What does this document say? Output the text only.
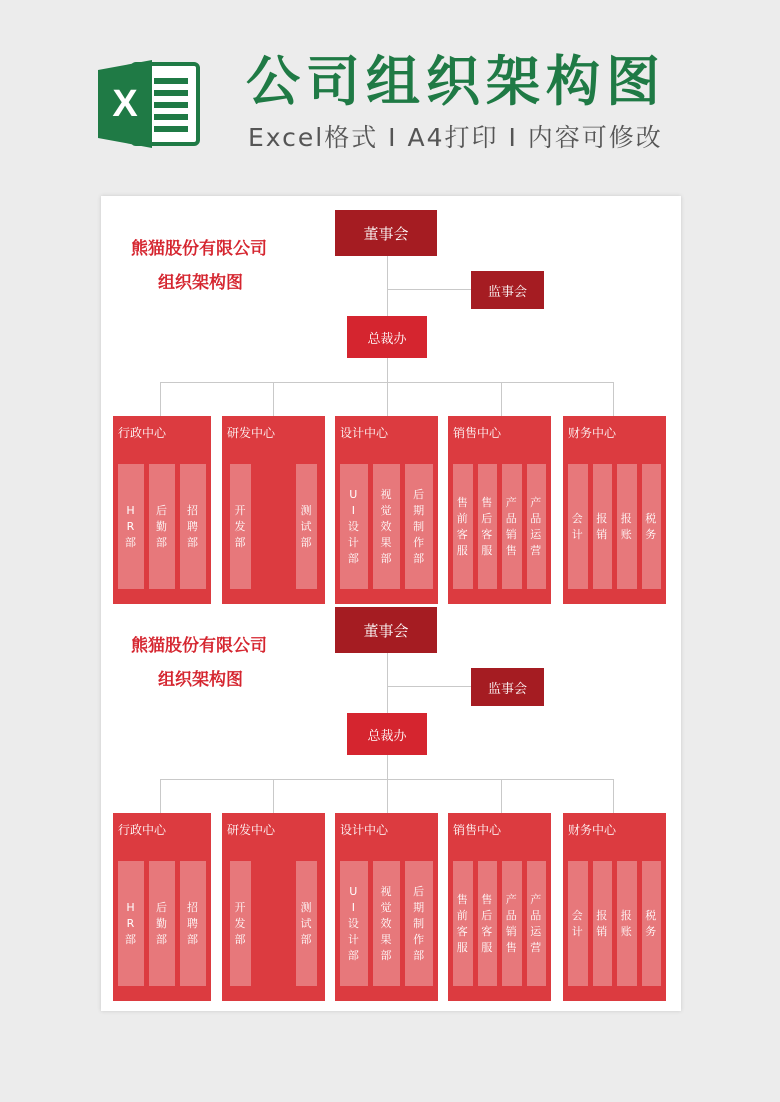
X 公司组织架构图
Excel格式 I A4打印 I 内容可修改
熊猫股份有限公司
组织架构图
董事会
监事会
总裁办
行政中心
HR部
后勤部
招聘部
研发中心
开发部
测试部
设计中心
UI设计部
视觉效果部
后期制作部
销售中心
售前客服
售后客服
产品销售
产品运营
财务中心
会计
报销
报账
税务
熊猫股份有限公司
组织架构图
董事会
监事会
总裁办
行政中心
HR部
后勤部
招聘部
研发中心
开发部
测试部
设计中心
UI设计部
视觉效果部
后期制作部
销售中心
售前客服
售后客服
产品销售
产品运营
财务中心
会计
报销
报账
税务
